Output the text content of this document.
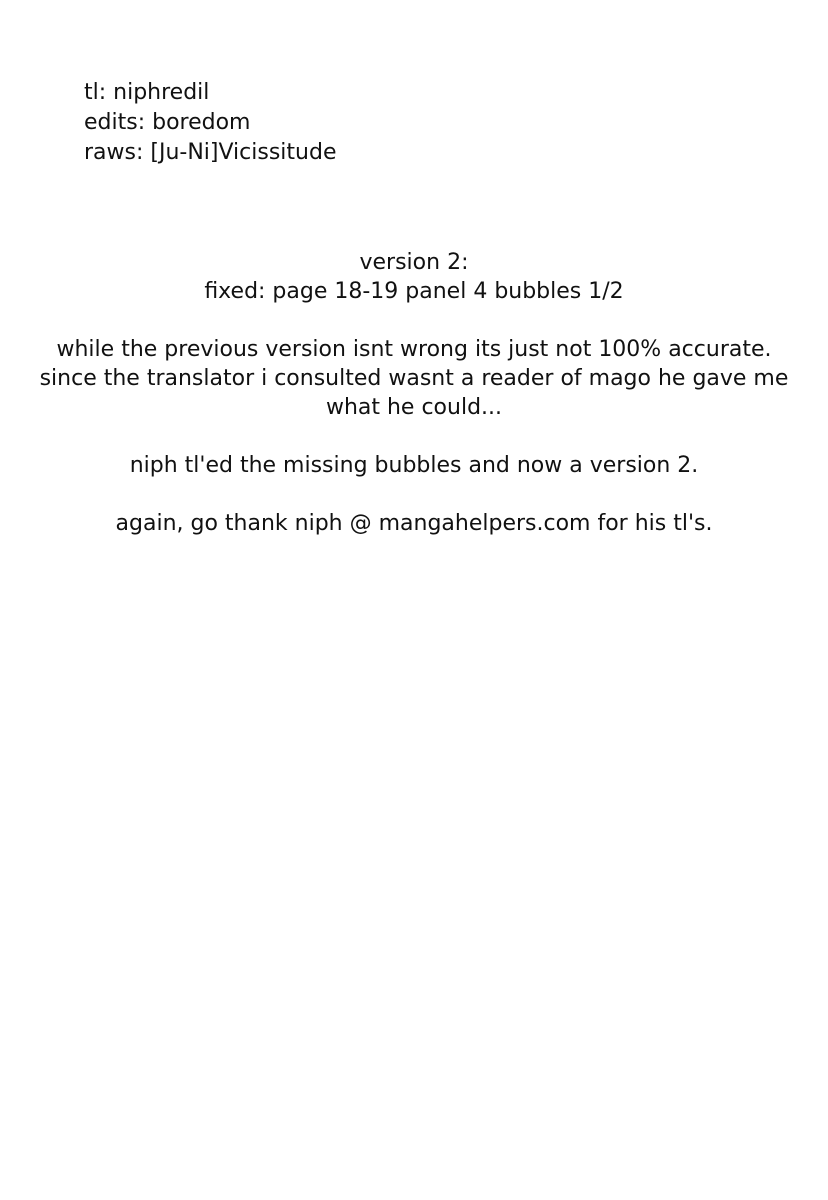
tl: niphredil
edits: boredom
raws: [Ju-Ni]Vicissitude

version 2:

fixed: page 18-19 panel 4 bubbles 1/2

while the previous version isnt wrong its just not 100% accurate.

since the translator i consulted wasnt a reader of mago he gave me

what he could...

niph tl'ed the missing bubbles and now a version 2.

again, go thank niph @ mangahelpers.com for his tl's.
